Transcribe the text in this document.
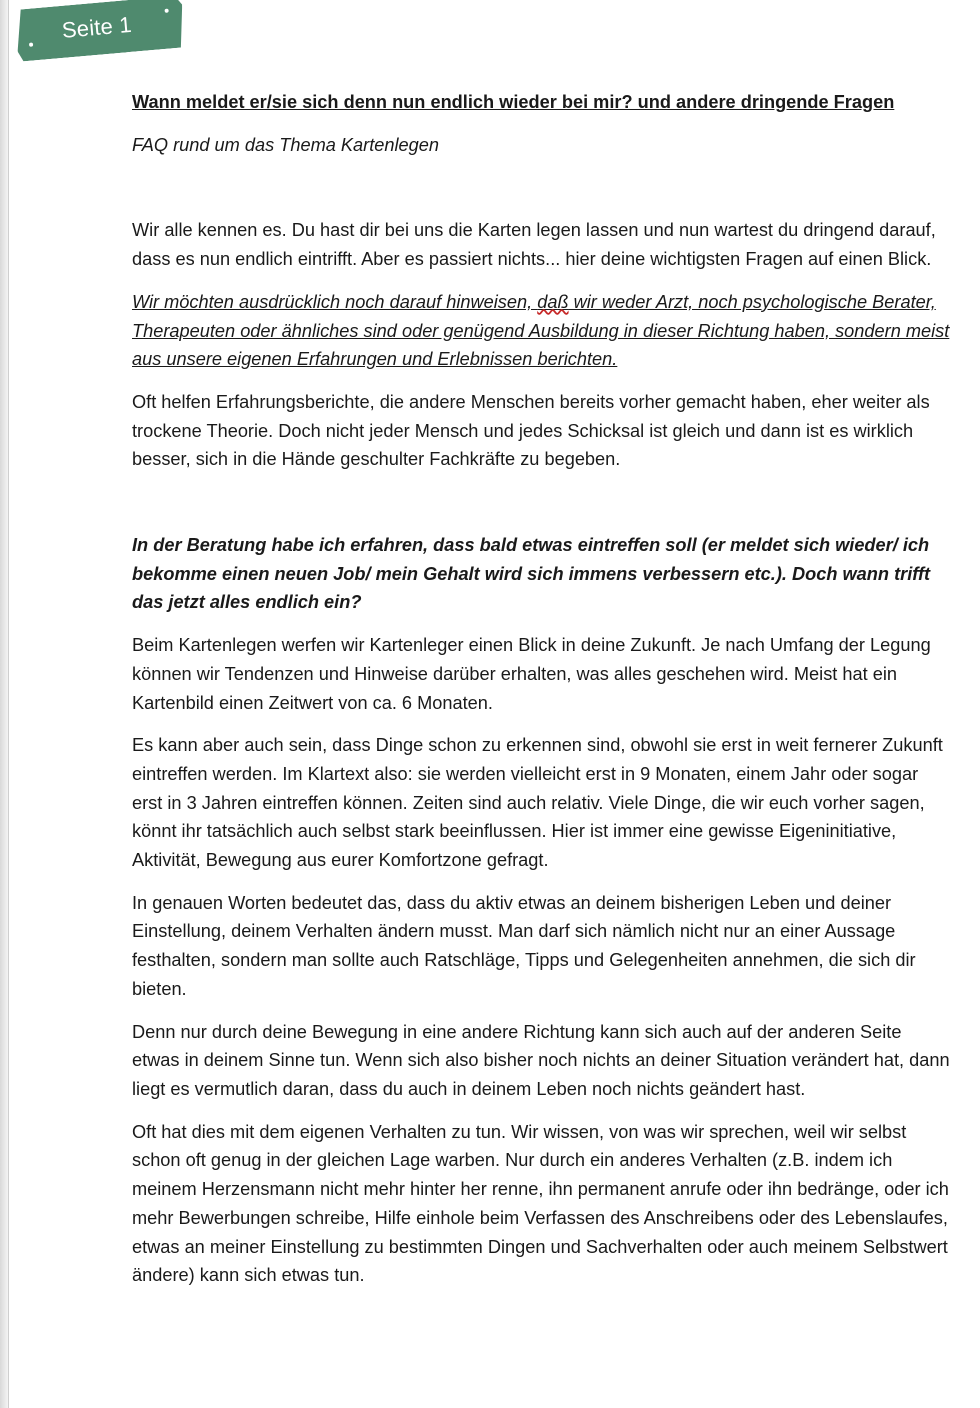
Seite 1
Wann meldet er/sie sich denn nun endlich wieder bei mir? und andere dringende Fragen
FAQ rund um das Thema Kartenlegen
Wir alle kennen es. Du hast dir bei uns die Karten legen lassen und nun wartest du dringend darauf, dass es nun endlich eintrifft. Aber es passiert nichts... hier deine wichtigsten Fragen auf einen Blick.
Wir möchten ausdrücklich noch darauf hinweisen, daß wir weder Arzt, noch psychologische Berater, Therapeuten oder ähnliches sind oder genügend Ausbildung in dieser Richtung haben, sondern meist aus unsere eigenen Erfahrungen und Erlebnissen berichten.
Oft helfen Erfahrungsberichte, die andere Menschen bereits vorher gemacht haben, eher weiter als trockene Theorie. Doch nicht jeder Mensch und jedes Schicksal ist gleich und dann ist es wirklich besser, sich in die Hände geschulter Fachkräfte zu begeben.
In der Beratung habe ich erfahren, dass bald etwas eintreffen soll (er meldet sich wieder/ ich bekomme einen neuen Job/ mein Gehalt wird sich immens verbessern etc.). Doch wann trifft das jetzt alles endlich ein?
Beim Kartenlegen werfen wir Kartenleger einen Blick in deine Zukunft. Je nach Umfang der Legung können wir Tendenzen und Hinweise darüber erhalten, was alles geschehen wird. Meist hat ein Kartenbild einen Zeitwert von ca. 6 Monaten.
Es kann aber auch sein, dass Dinge schon zu erkennen sind, obwohl sie erst in weit fernerer Zukunft eintreffen werden. Im Klartext also: sie werden vielleicht erst in 9 Monaten, einem Jahr oder sogar erst in 3 Jahren eintreffen können. Zeiten sind auch relativ. Viele Dinge, die wir euch vorher sagen, könnt ihr tatsächlich auch selbst stark beeinflussen. Hier ist immer eine gewisse Eigeninitiative, Aktivität, Bewegung aus eurer Komfortzone gefragt.
In genauen Worten bedeutet das, dass du aktiv etwas an deinem bisherigen Leben und deiner Einstellung, deinem Verhalten ändern musst. Man darf sich nämlich nicht nur an einer Aussage festhalten, sondern man sollte auch Ratschläge, Tipps und Gelegenheiten annehmen, die sich dir bieten.
Denn nur durch deine Bewegung in eine andere Richtung kann sich auch auf der anderen Seite etwas in deinem Sinne tun. Wenn sich also bisher noch nichts an deiner Situation verändert hat, dann liegt es vermutlich daran, dass du auch in deinem Leben noch nichts geändert hast.
Oft hat dies mit dem eigenen Verhalten zu tun. Wir wissen, von was wir sprechen, weil wir selbst schon oft genug in der gleichen Lage warben. Nur durch ein anderes Verhalten (z.B. indem ich meinem Herzensmann nicht mehr hinter her renne, ihn permanent anrufe oder ihn bedränge, oder ich mehr Bewerbungen schreibe, Hilfe einhole beim Verfassen des Anschreibens oder des Lebenslaufes, etwas an meiner Einstellung zu bestimmten Dingen und Sachverhalten oder auch meinem Selbstwert ändere) kann sich etwas tun.
